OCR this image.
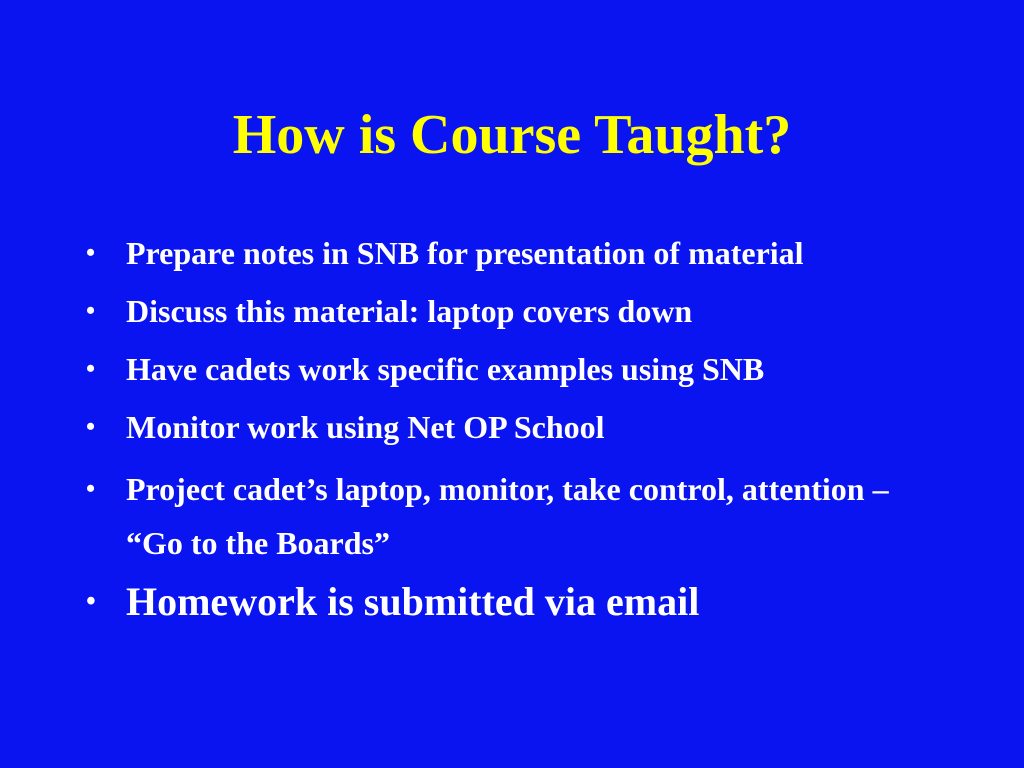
How is Course Taught?
• Prepare notes in SNB for presentation of material
• Discuss this material: laptop covers down
• Have cadets work specific examples using SNB
• Monitor work using Net OP School
• Project cadet’s laptop, monitor, take control, attention – “Go to the Boards”
• Homework is submitted via email
